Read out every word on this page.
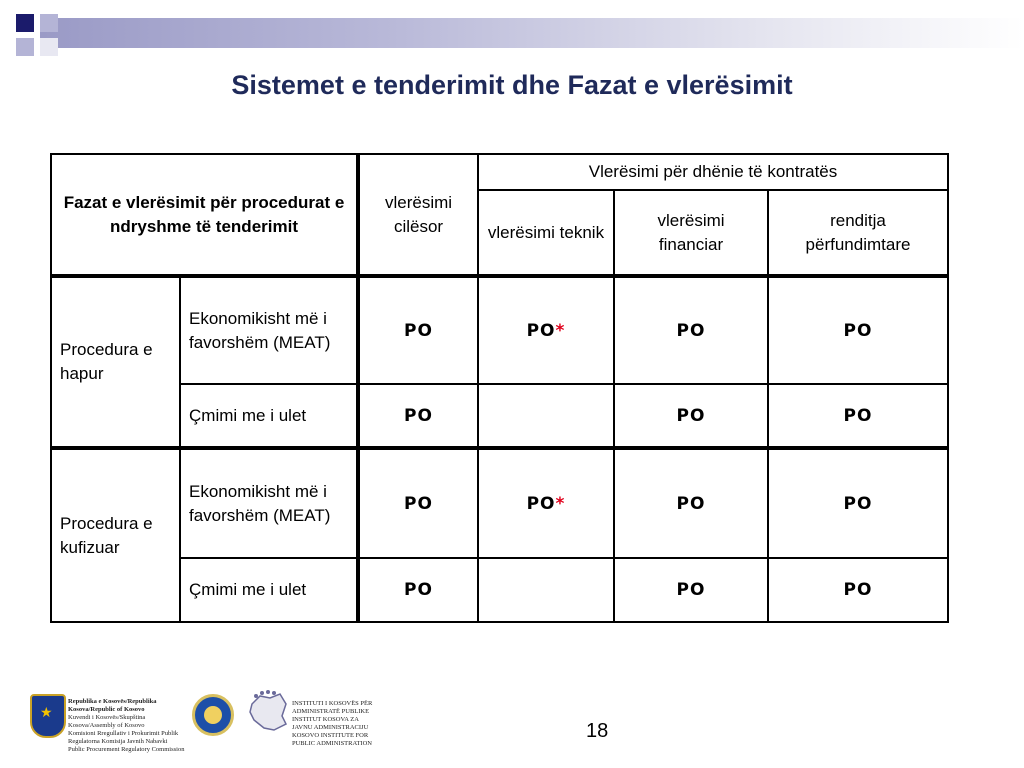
Sistemet e tenderimit dhe Fazat e vlerësimit
Fazat e vlerësimit për procedurat e ndryshme të tenderimit		vlerësimi cilësor	Vlerësimi për dhënie të kontratës		
			vlerësimi teknik	vlerësimi financiar	renditja përfundimtare
Procedura e hapur	Ekonomikisht më i favorshëm (MEAT)	PO	PO*	PO	PO
	Çmimi me i ulet	PO		PO	PO
Procedura e kufizuar	Ekonomikisht më i favorshëm (MEAT)	PO	PO*	PO	PO
	Çmimi me i ulet	PO		PO	PO
★
Republika e Kosovës/Republika Kosova/Republic of Kosovo
Kuvendi i Kosovës/Skupština Kosova/Assembly of Kosovo
Komisioni Rregullativ i Prokurimit Publik
Regulatorna Komisija Javnih Nabavki
Public Procurement Regulatory Commission
INSTITUTI I KOSOVËS PËR ADMINISTRATË PUBLIKE
INSTITUT KOSOVA ZA JAVNU ADMINISTRACIJU
KOSOVO INSTITUTE FOR PUBLIC ADMINISTRATION
18
